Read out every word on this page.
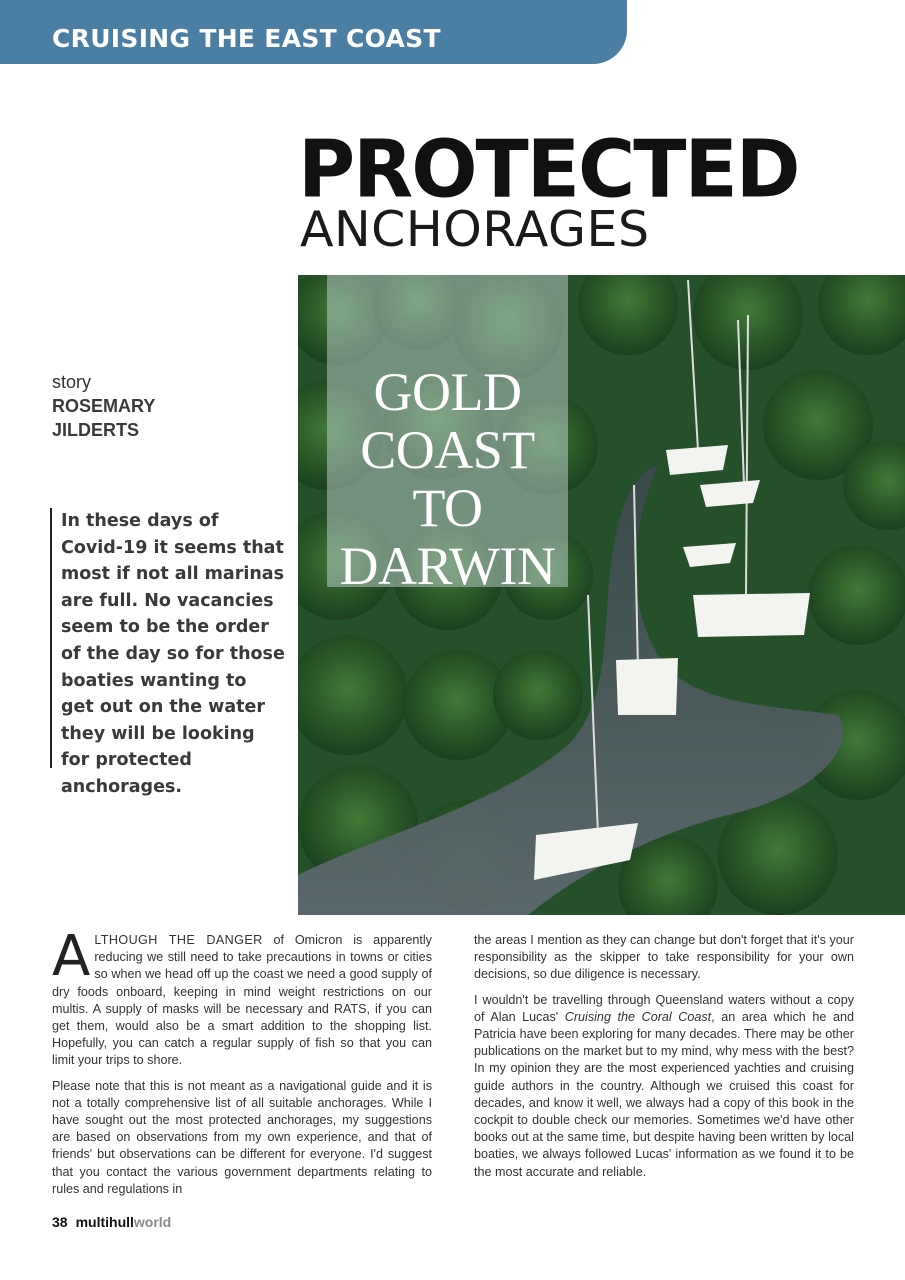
CRUISING THE EAST COAST
PROTECTED
ANCHORAGES
GOLD
COAST
TO
DARWIN
story
ROSEMARY
JILDERTS

In these days of Covid-19 it seems that most if not all marinas are full. No vacancies seem to be the order of the day so for those boaties wanting to get out on the water they will be looking for protected anchorages.

ALTHOUGH THE DANGER of Omicron is apparently reducing we still need to take precautions in towns or cities so when we head off up the coast we need a good supply of dry foods onboard, keeping in mind weight restrictions on our multis. A supply of masks will be necessary and RATS, if you can get them, would also be a smart addition to the shopping list. Hopefully, you can catch a regular supply of fish so that you can limit your trips to shore.

Please note that this is not meant as a navigational guide and it is not a totally comprehensive list of all suitable anchorages. While I have sought out the most protected anchorages, my suggestions are based on observations from my own experience, and that of friends' but observations can be different for everyone. I'd suggest that you contact the various government departments relating to rules and regulations in

the areas I mention as they can change but don't forget that it's your responsibility as the skipper to take responsibility for your own decisions, so due diligence is necessary.

I wouldn't be travelling through Queensland waters without a copy of Alan Lucas' Cruising the Coral Coast, an area which he and Patricia have been exploring for many decades. There may be other publications on the market but to my mind, why mess with the best? In my opinion they are the most experienced yachties and cruising guide authors in the country. Although we cruised this coast for decades, and know it well, we always had a copy of this book in the cockpit to double check our memories. Sometimes we'd have other books out at the same time, but despite having been written by local boaties, we always followed Lucas' information as we found it to be the most accurate and reliable.

38 multihullworld
